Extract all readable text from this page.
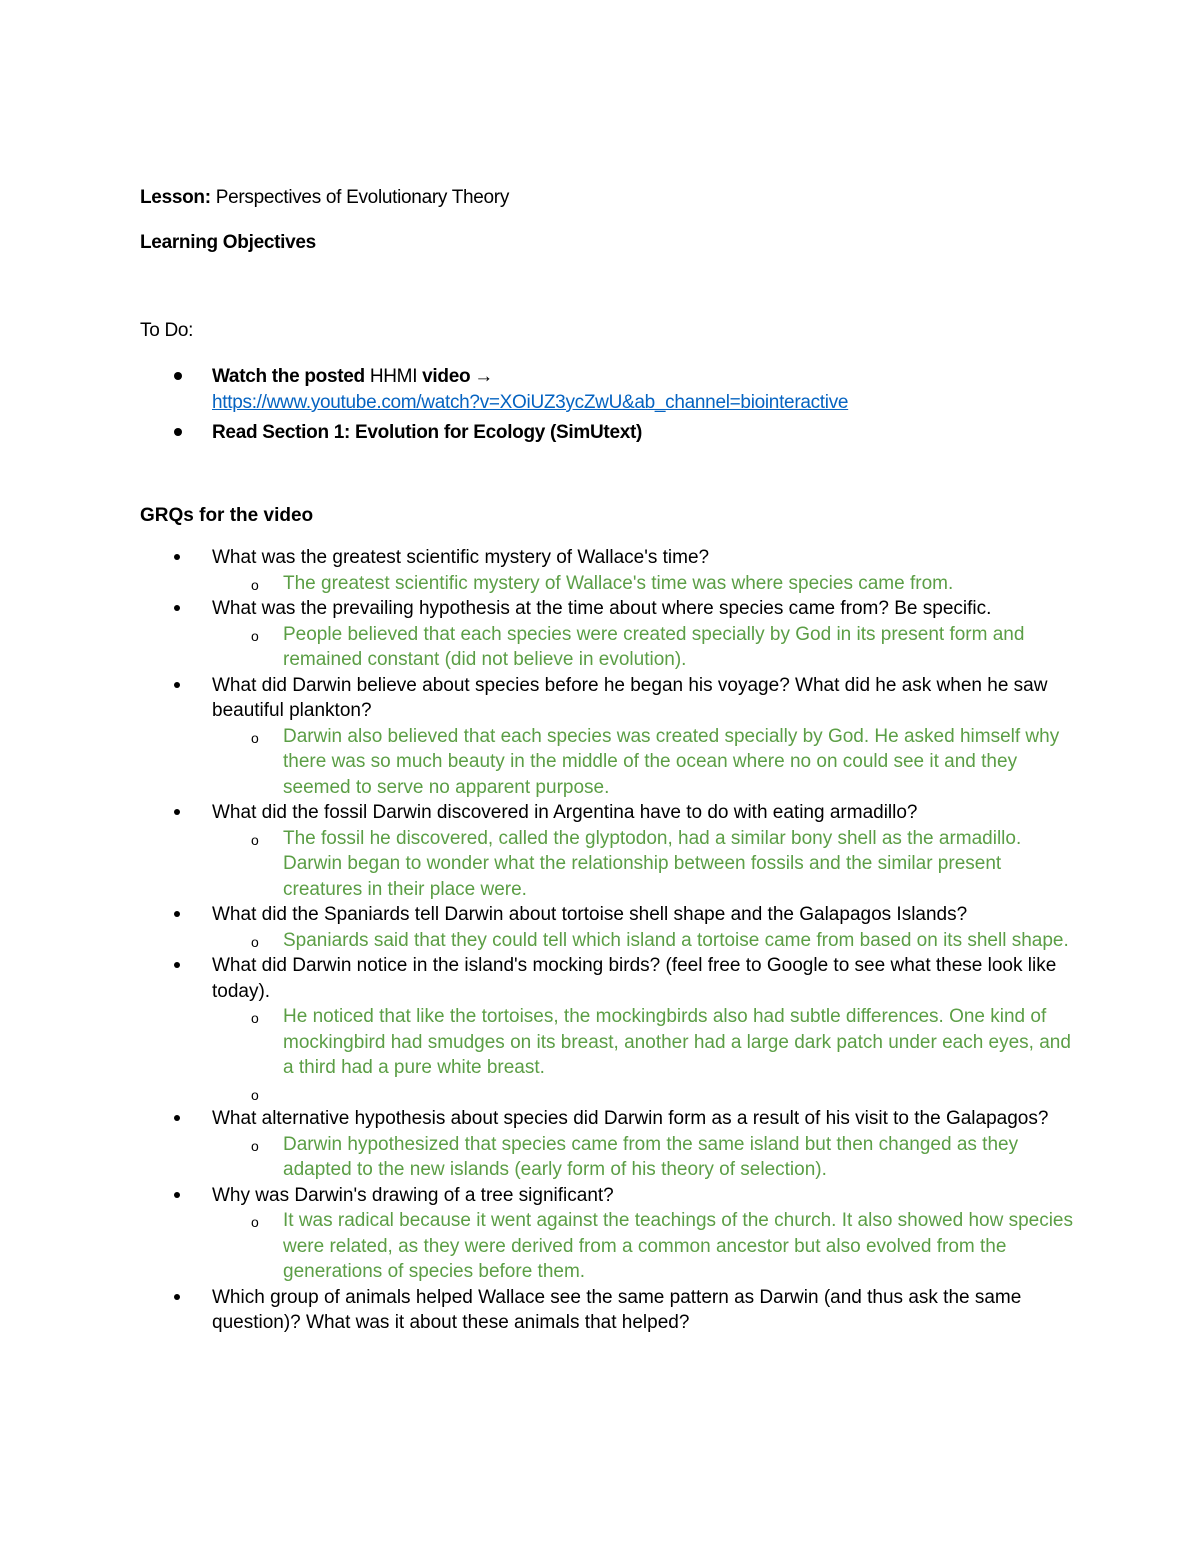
Lesson: Perspectives of Evolutionary Theory
Learning Objectives
To Do:
Watch the posted HHMI video →
https://www.youtube.com/watch?v=XOiUZ3ycZwU&ab_channel=biointeractive
Read Section 1: Evolution for Ecology (SimUtext)
GRQs for the video
What was the greatest scientific mystery of Wallace's time?
o The greatest scientific mystery of Wallace's time was where species came from.
What was the prevailing hypothesis at the time about where species came from? Be specific.
o People believed that each species were created specially by God in its present form and remained constant (did not believe in evolution).
What did Darwin believe about species before he began his voyage? What did he ask when he saw beautiful plankton?
o Darwin also believed that each species was created specially by God. He asked himself why there was so much beauty in the middle of the ocean where no on could see it and they seemed to serve no apparent purpose.
What did the fossil Darwin discovered in Argentina have to do with eating armadillo?
o The fossil he discovered, called the glyptodon, had a similar bony shell as the armadillo. Darwin began to wonder what the relationship between fossils and the similar present creatures in their place were.
What did the Spaniards tell Darwin about tortoise shell shape and the Galapagos Islands?
o Spaniards said that they could tell which island a tortoise came from based on its shell shape.
What did Darwin notice in the island's mocking birds? (feel free to Google to see what these look like today).
o He noticed that like the tortoises, the mockingbirds also had subtle differences. One kind of mockingbird had smudges on its breast, another had a large dark patch under each eyes, and a third had a pure white breast.
o
What alternative hypothesis about species did Darwin form as a result of his visit to the Galapagos?
o Darwin hypothesized that species came from the same island but then changed as they adapted to the new islands (early form of his theory of selection).
Why was Darwin's drawing of a tree significant?
o It was radical because it went against the teachings of the church. It also showed how species were related, as they were derived from a common ancestor but also evolved from the generations of species before them.
Which group of animals helped Wallace see the same pattern as Darwin (and thus ask the same question)? What was it about these animals that helped?
